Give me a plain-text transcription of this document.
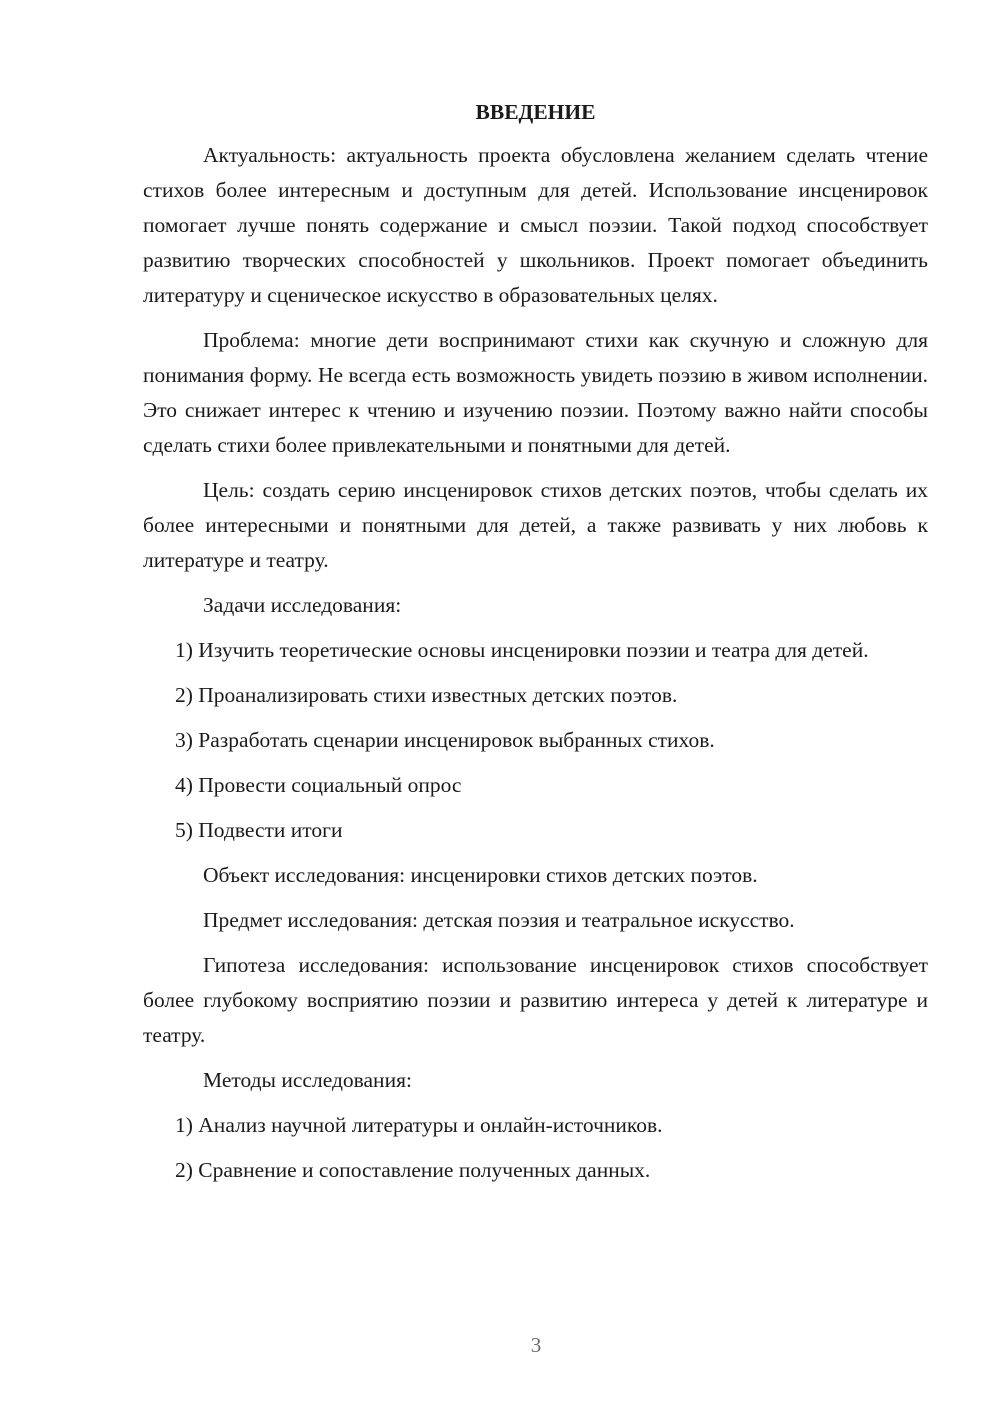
ВВЕДЕНИЕ

Актуальность: актуальность проекта обусловлена желанием сделать чтение стихов более интересным и доступным для детей. Использование инсценировок помогает лучше понять содержание и смысл поэзии. Такой подход способствует развитию творческих способностей у школьников. Проект помогает объединить литературу и сценическое искусство в образовательных целях.

Проблема: многие дети воспринимают стихи как скучную и сложную для понимания форму. Не всегда есть возможность увидеть поэзию в живом исполнении. Это снижает интерес к чтению и изучению поэзии. Поэтому важно найти способы сделать стихи более привлекательными и понятными для детей.

Цель: создать серию инсценировок стихов детских поэтов, чтобы сделать их более интересными и понятными для детей, а также развивать у них любовь к литературе и театру.

Задачи исследования:

1) Изучить теоретические основы инсценировки поэзии и театра для детей.

2) Проанализировать стихи известных детских поэтов.

3) Разработать сценарии инсценировок выбранных стихов.

4) Провести социальный опрос

5) Подвести итоги

Объект исследования: инсценировки стихов детских поэтов.

Предмет исследования: детская поэзия и театральное искусство.

Гипотеза исследования: использование инсценировок стихов способствует более глубокому восприятию поэзии и развитию интереса у детей к литературе и театру.

Методы исследования:

1) Анализ научной литературы и онлайн-источников.

2) Сравнение и сопоставление полученных данных.

3
